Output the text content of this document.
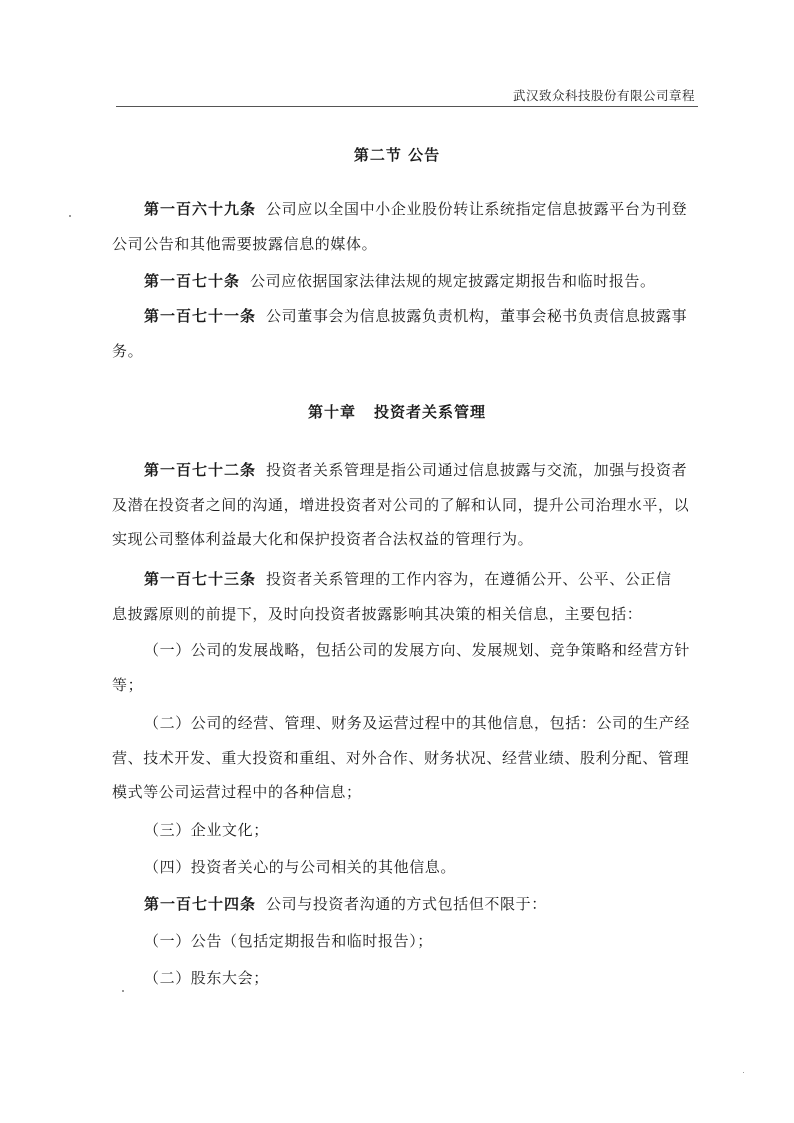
武汉致众科技股份有限公司章程
第二节 公告
第一百六十九条 公司应以全国中小企业股份转让系统指定信息披露平台为刊登公司公告和其他需要披露信息的媒体。
第一百七十条 公司应依据国家法律法规的规定披露定期报告和临时报告。
第一百七十一条 公司董事会为信息披露负责机构，董事会秘书负责信息披露事务。
第十章 投资者关系管理
第一百七十二条 投资者关系管理是指公司通过信息披露与交流，加强与投资者及潜在投资者之间的沟通，增进投资者对公司的了解和认同，提升公司治理水平，以实现公司整体利益最大化和保护投资者合法权益的管理行为。
第一百七十三条 投资者关系管理的工作内容为，在遵循公开、公平、公正信 息披露原则的前提下，及时向投资者披露影响其决策的相关信息，主要包括：
（一）公司的发展战略，包括公司的发展方向、发展规划、竞争策略和经营方针等；
（二）公司的经营、管理、财务及运营过程中的其他信息，包括：公司的生产经营、技术开发、重大投资和重组、对外合作、财务状况、经营业绩、股利分配、管理模式等公司运营过程中的各种信息；
（三）企业文化；
（四）投资者关心的与公司相关的其他信息。
第一百七十四条 公司与投资者沟通的方式包括但不限于：
（一）公告（包括定期报告和临时报告）；
（二）股东大会；
